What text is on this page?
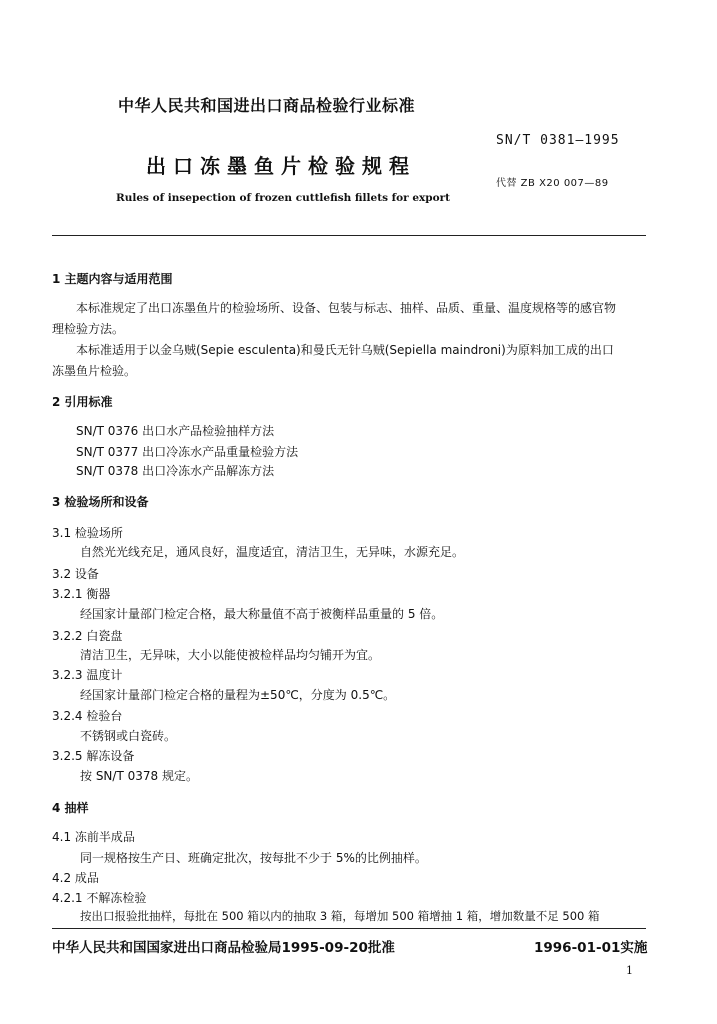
中华人民共和国进出口商品检验行业标准
SN/T 0381—1995
出口冻墨鱼片检验规程
代替 ZB X20 007—89
Rules of insepection of frozen cuttlefish fillets for export
1 主题内容与适用范围
本标准规定了出口冻墨鱼片的检验场所、设备、包装与标志、抽样、品质、重量、温度规格等的感官物
理检验方法。
本标准适用于以金乌贼(Sepie esculenta)和曼氏无针乌贼(Sepiella maindroni)为原料加工成的出口
冻墨鱼片检验。
2 引用标准
SN/T 0376 出口水产品检验抽样方法
SN/T 0377 出口冷冻水产品重量检验方法
SN/T 0378 出口冷冻水产品解冻方法
3 检验场所和设备
3.1 检验场所
自然光光线充足，通风良好，温度适宜，清洁卫生，无异味，水源充足。
3.2 设备
3.2.1 衡器
经国家计量部门检定合格，最大称量值不高于被衡样品重量的 5 倍。
3.2.2 白瓷盘
清洁卫生，无异味，大小以能使被检样品均匀铺开为宜。
3.2.3 温度计
经国家计量部门检定合格的量程为±50℃，分度为 0.5℃。
3.2.4 检验台
不锈钢或白瓷砖。
3.2.5 解冻设备
按 SN/T 0378 规定。
4 抽样
4.1 冻前半成品
同一规格按生产日、班确定批次，按每批不少于 5%的比例抽样。
4.2 成品
4.2.1 不解冻检验
按出口报验批抽样，每批在 500 箱以内的抽取 3 箱，每增加 500 箱增抽 1 箱，增加数量不足 500 箱
中华人民共和国国家进出口商品检验局1995-09-20批准	1996-01-01实施
1
